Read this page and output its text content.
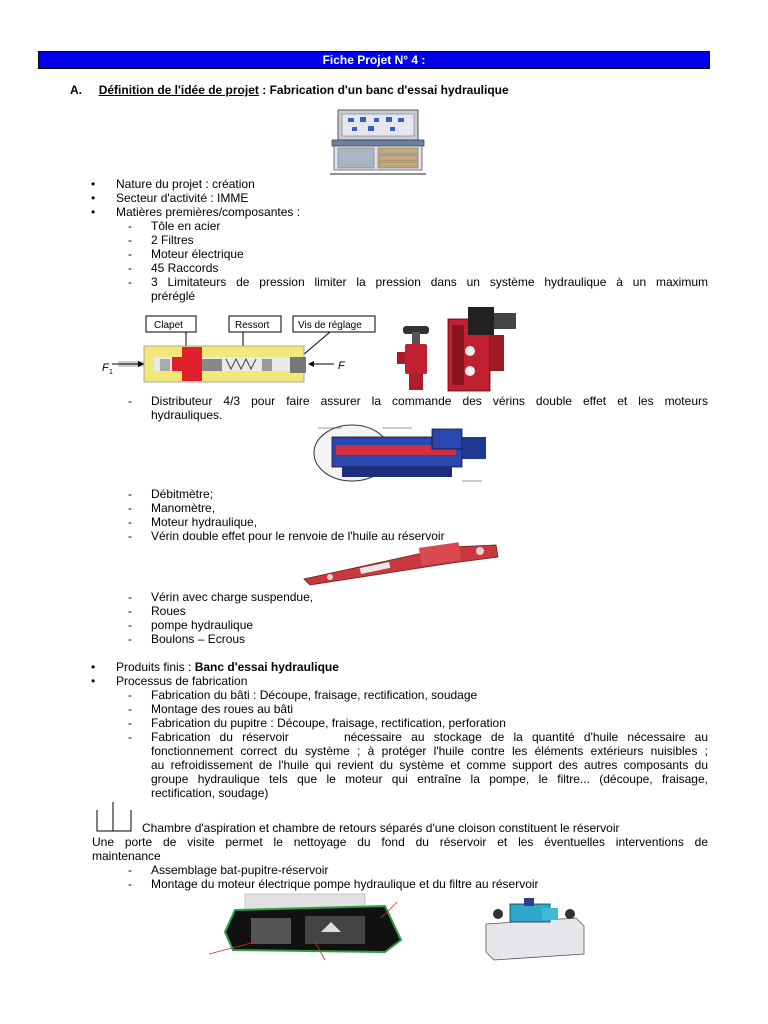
Fiche Projet N° 4 :
A. Définition de l'idée de projet : Fabrication d'un banc d'essai hydraulique
• Nature du projet : création
• Secteur d'activité : IMME
• Matières premières/composantes :
- Tôle en acier
- 2 Filtres
- Moteur électrique
- 45 Raccords
- 3 Limitateurs de pression limiter la pression dans un système hydraulique à un maximum
préréglé
Clapet	Ressort	Vis de réglage
F 1
F
- Distributeur 4/3 pour faire assurer la commande des vérins double effet et les moteurs
hydrauliques.
- Débitmètre;
- Manomètre,
- Moteur hydraulique,
- Vérin double effet pour le renvoie de l'huile au réservoir
- Vérin avec charge suspendue,
- Roues
- pompe hydraulique
- Boulons – Ecrous
• Produits finis : Banc d'essai hydraulique
• Processus de fabrication
- Fabrication du bâti : Découpe, fraisage, rectification, soudage
- Montage des roues au bâti
- Fabrication du pupitre : Découpe, fraisage, rectification, perforation
- Fabrication du réservoir      nécessaire au stockage de la quantité d'huile nécessaire au
fonctionnement correct du système ; à protéger l'huile contre les éléments extérieurs nuisibles ;
au refroidissement de l'huile qui revient du système et comme support des autres composants du
groupe hydraulique tels que le moteur qui entraîne la pompe, le filtre... (découpe, fraisage,
rectification, soudage)
Chambre d'aspiration et chambre de retours séparés d'une cloison constituent le réservoir
Une porte de visite permet le nettoyage du fond du réservoir et les éventuelles interventions de
maintenance
- Assemblage bat-pupitre-réservoir
- Montage du moteur électrique pompe hydraulique et du filtre au réservoir
